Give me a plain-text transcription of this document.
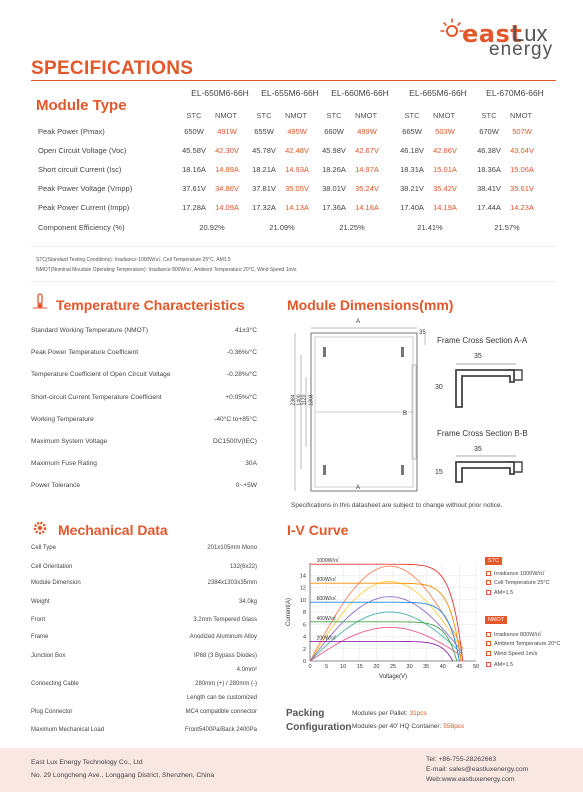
east
Lux
energy
SPECIFICATIONS
Module Type
EL-650M6-66H
STC	NMOT
EL-655M6-66H
STC	NMOT
EL-660M6-66H
STC	NMOT
EL-665M6-66H
STC	NMOT
EL-670M6-66H
STC	NMOT
Peak Power (Pmax)	650W	491W	655W	495W	660W	499W	665W	503W	670W	507W
Open Circuit Voltage (Voc)	45.58V	42.30V	45.78V	42.48V	45.98V	42.67V	46.18V	42.86V	46.38V	43.04V
Short circuit Current (Isc)	18.16A	14.89A	18.21A	14.93A	18.26A	14.97A	18.31A	15.01A	18.36A	15.06A
Peak Power Voltage (Vmpp)	37.61V	34.86V	37.81V	35.05V	38.01V	35.24V	38.21V	35.42V	38.41V	35.61V
Peak Power Current (Impp)	17.28A	14.09A	17.32A	14.13A	17.36A	14.16A	17.40A	14.19A	17.44A	14.23A
Component Efficiency (%)	20.92%	21.09%	21.25%	21.41%	21.57%
STC(Standard Testing Conditions): Irradiance 1000W/㎡, Cell Temperature 25°C, AM1.5
NMOT(Nominal Moudule Operating Temperature): Irradiance 800W/㎡, Ambient Temperature 20°C, Wind Speed 1m/s
Temperature Characteristics
Standard Working Temperature (NMOT)	41±3°C
Peak Power Temperature Coefficient	-0.36%/°C
Temperature Coefficient of Open Circuit Voltage	-0.28%/°C
Short-circuit Current Temperature Coefficient	+0.05%/°C
Working Temperature	-40°C to+85°C
Maximum System Voltage	DC1500V(IEC)
Maximum Fuse Rating	30A
Power Tolerance	0~+5W
Module Dimensions(mm)
A
A
B
35
2384 1400
1120 1303
Frame Cross Section A-A
35
30
Frame Cross Section B-B
35
15
Specifications in this datasheet are subject to change without prior notice.
Mechanical Data
Cell Type	201x105mm Mono
Cell Orientation	132(6x22)
Module Dimension	2384x1303x35mm
Weight	34.0kg
Front	3.2mm Tempered Glass
Frame	Anodized Aluminum Alloy
Junction Box	IP68 (3 Bypass Diodes)
4.0mm²
Connecting Cable	280mm (+) / 280mm (-)
Length can be customized
Plug Connector	MC4 compatible connector
Maximum Mechanical Load	Front5400Pa/Back 2400Pa
I-V Curve
0
2
4
6
8
10
12
14
0 5 10 15 20 25 30 35 40 45 50
Voltage(V)
Current(A)
1000W/㎡
800W/㎡
600W/㎡
400W/㎡
200W/㎡
STC
Irradiance 1000W/㎡
Cell Temperature 25°C
AM=1.5
NMOT
Irradiance 800W/㎡
Ambient Temperature 20°C
Wind Speed 1m/s
AM=1.5
Packing
Configuration
Modules per Pallet: 31pcs
Modules per 40' HQ Container: 558pcs
East Lux Energy Technology Co., Ltd
No. 29 Longcheng Ave., Longgang District, Shenzhen, China
Tel: +86-755-28262663
E-mail: sales@eastluxenergy.com
Web:www.eastluxenergy.com
